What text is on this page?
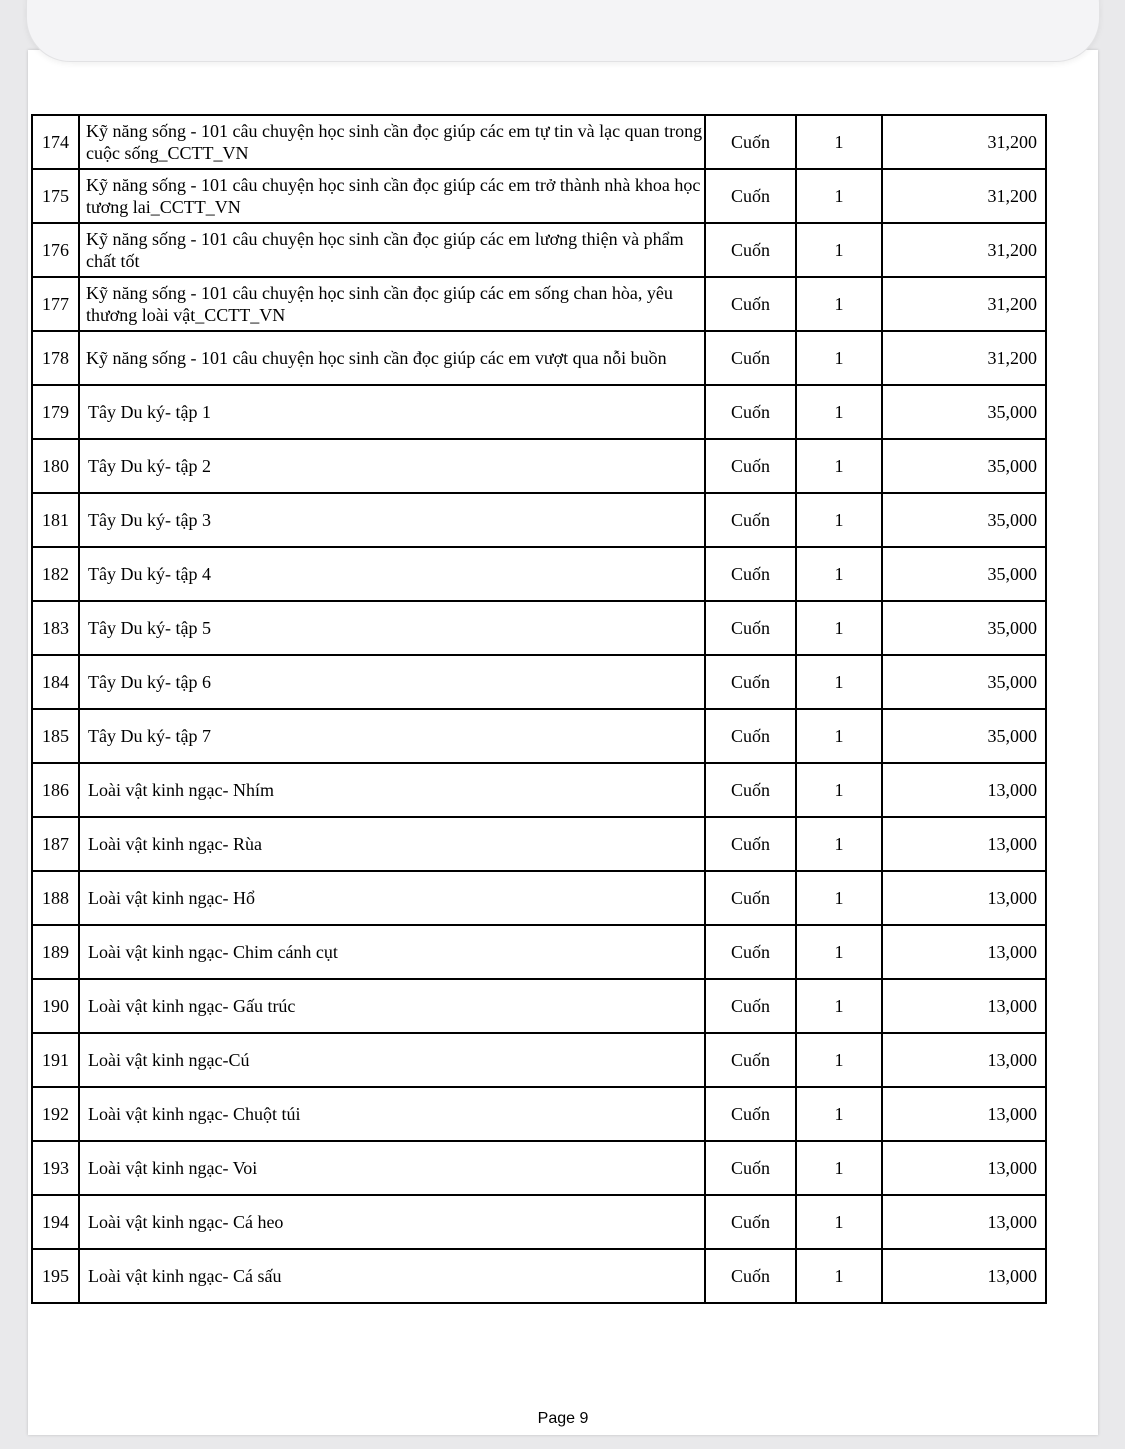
174	Kỹ năng sống - 101 câu chuyện học sinh cần đọc giúp các em tự tin và lạc quan trong cuộc sống_CCTT_VN	Cuốn	1	31,200
175	Kỹ năng sống - 101 câu chuyện học sinh cần đọc giúp các em trở thành nhà khoa học tương lai_CCTT_VN	Cuốn	1	31,200
176	Kỹ năng sống - 101 câu chuyện học sinh cần đọc giúp các em lương thiện và phẩm chất tốt	Cuốn	1	31,200
177	Kỹ năng sống - 101 câu chuyện học sinh cần đọc giúp các em sống chan hòa, yêu thương loài vật_CCTT_VN	Cuốn	1	31,200
178	Kỹ năng sống - 101 câu chuyện học sinh cần đọc giúp các em vượt qua nỗi buồn	Cuốn	1	31,200
179	Tây Du ký- tập 1	Cuốn	1	35,000
180	Tây Du ký- tập 2	Cuốn	1	35,000
181	Tây Du ký- tập 3	Cuốn	1	35,000
182	Tây Du ký- tập 4	Cuốn	1	35,000
183	Tây Du ký- tập 5	Cuốn	1	35,000
184	Tây Du ký- tập 6	Cuốn	1	35,000
185	Tây Du ký- tập 7	Cuốn	1	35,000
186	Loài vật kinh ngạc- Nhím	Cuốn	1	13,000
187	Loài vật kinh ngạc- Rùa	Cuốn	1	13,000
188	Loài vật kinh ngạc- Hổ	Cuốn	1	13,000
189	Loài vật kinh ngạc- Chim cánh cụt	Cuốn	1	13,000
190	Loài vật kinh ngạc- Gấu trúc	Cuốn	1	13,000
191	Loài vật kinh ngạc-Cú	Cuốn	1	13,000
192	Loài vật kinh ngạc- Chuột túi	Cuốn	1	13,000
193	Loài vật kinh ngạc- Voi	Cuốn	1	13,000
194	Loài vật kinh ngạc- Cá heo	Cuốn	1	13,000
195	Loài vật kinh ngạc- Cá sấu	Cuốn	1	13,000
Page 9
